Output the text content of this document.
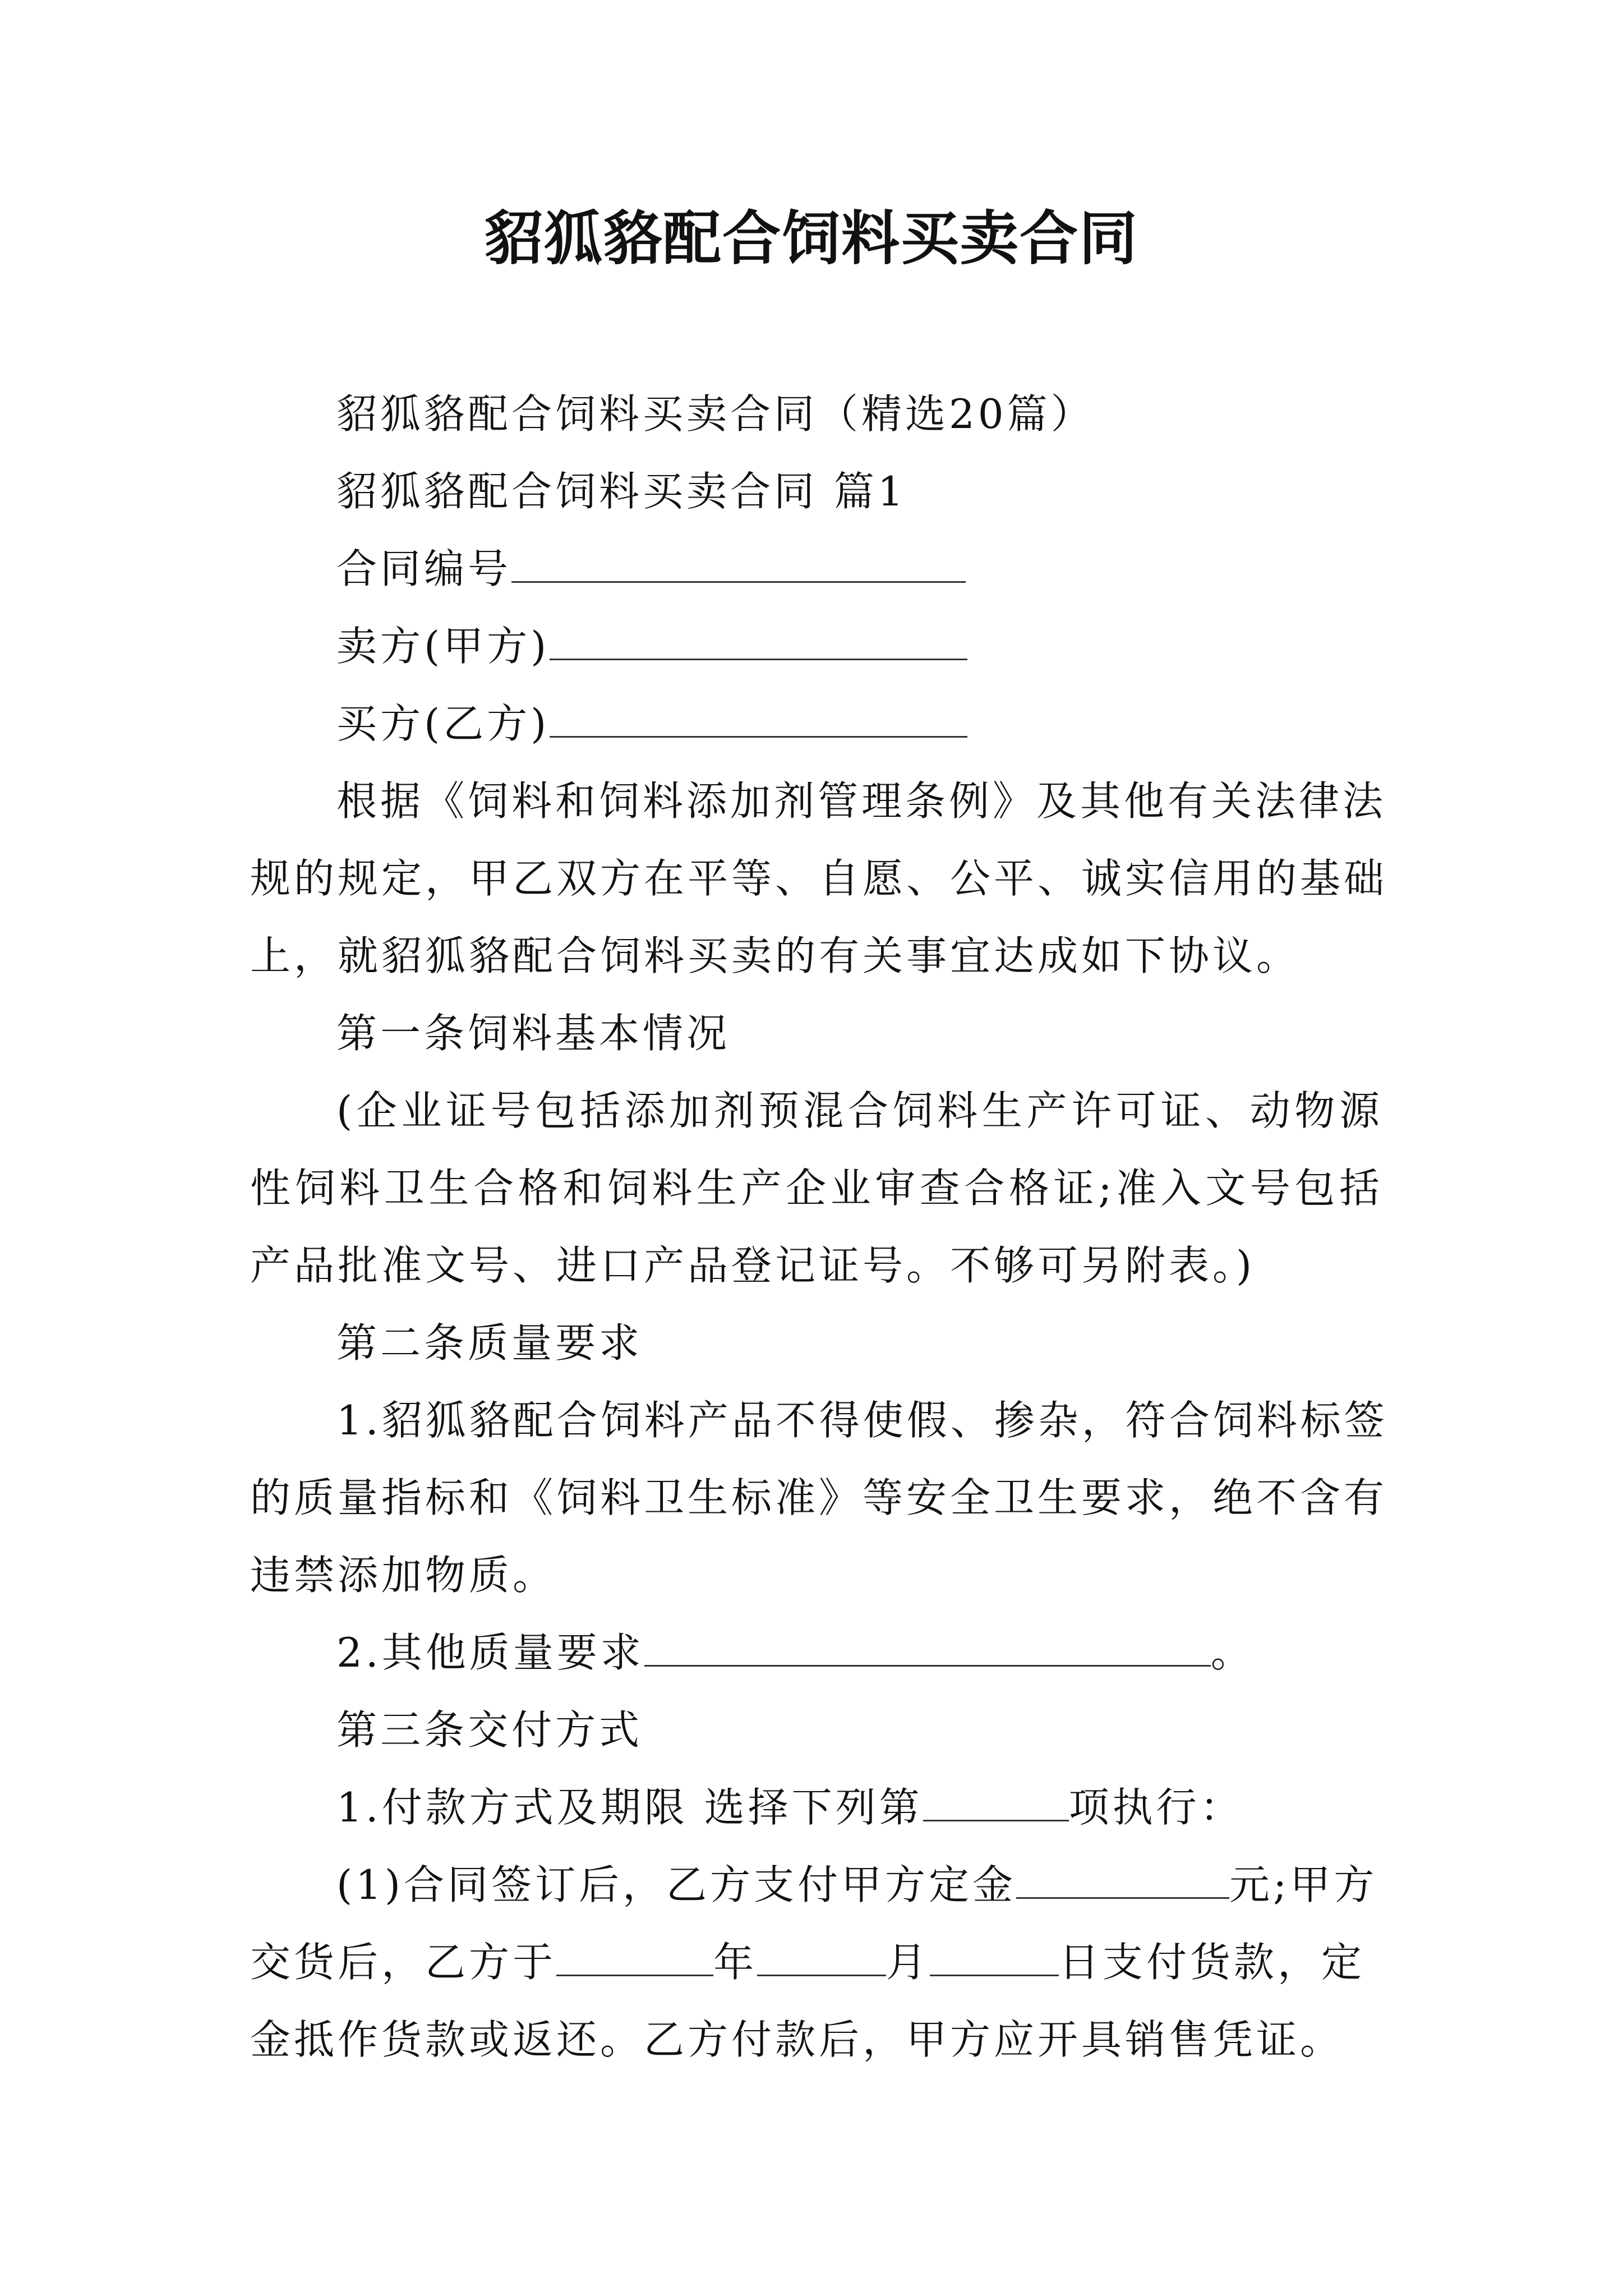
貂狐貉配合饲料买卖合同
貂狐貉配合饲料买卖合同（精选20篇）
貂狐貉配合饲料买卖合同 篇1
合同编号
卖方(甲方)
买方(乙方)
根据《饲料和饲料添加剂管理条例》及其他有关法律法
规的规定，甲乙双方在平等、自愿、公平、诚实信用的基础
上，就貂狐貉配合饲料买卖的有关事宜达成如下协议。
第一条饲料基本情况
(企业证号包括添加剂预混合饲料生产许可证、动物源
性饲料卫生合格和饲料生产企业审查合格证;准入文号包括
产品批准文号、进口产品登记证号。不够可另附表。)
第二条质量要求
1.貂狐貉配合饲料产品不得使假、掺杂，符合饲料标签
的质量指标和《饲料卫生标准》等安全卫生要求，绝不含有
违禁添加物质。
2.其他质量要求	。
第三条交付方式
1.付款方式及期限 选择下列第	项执行：
(1)合同签订后，乙方支付甲方定金	元;甲方
交货后，乙方于	年	月	日支付货款，定
金抵作货款或返还。乙方付款后，甲方应开具销售凭证。
